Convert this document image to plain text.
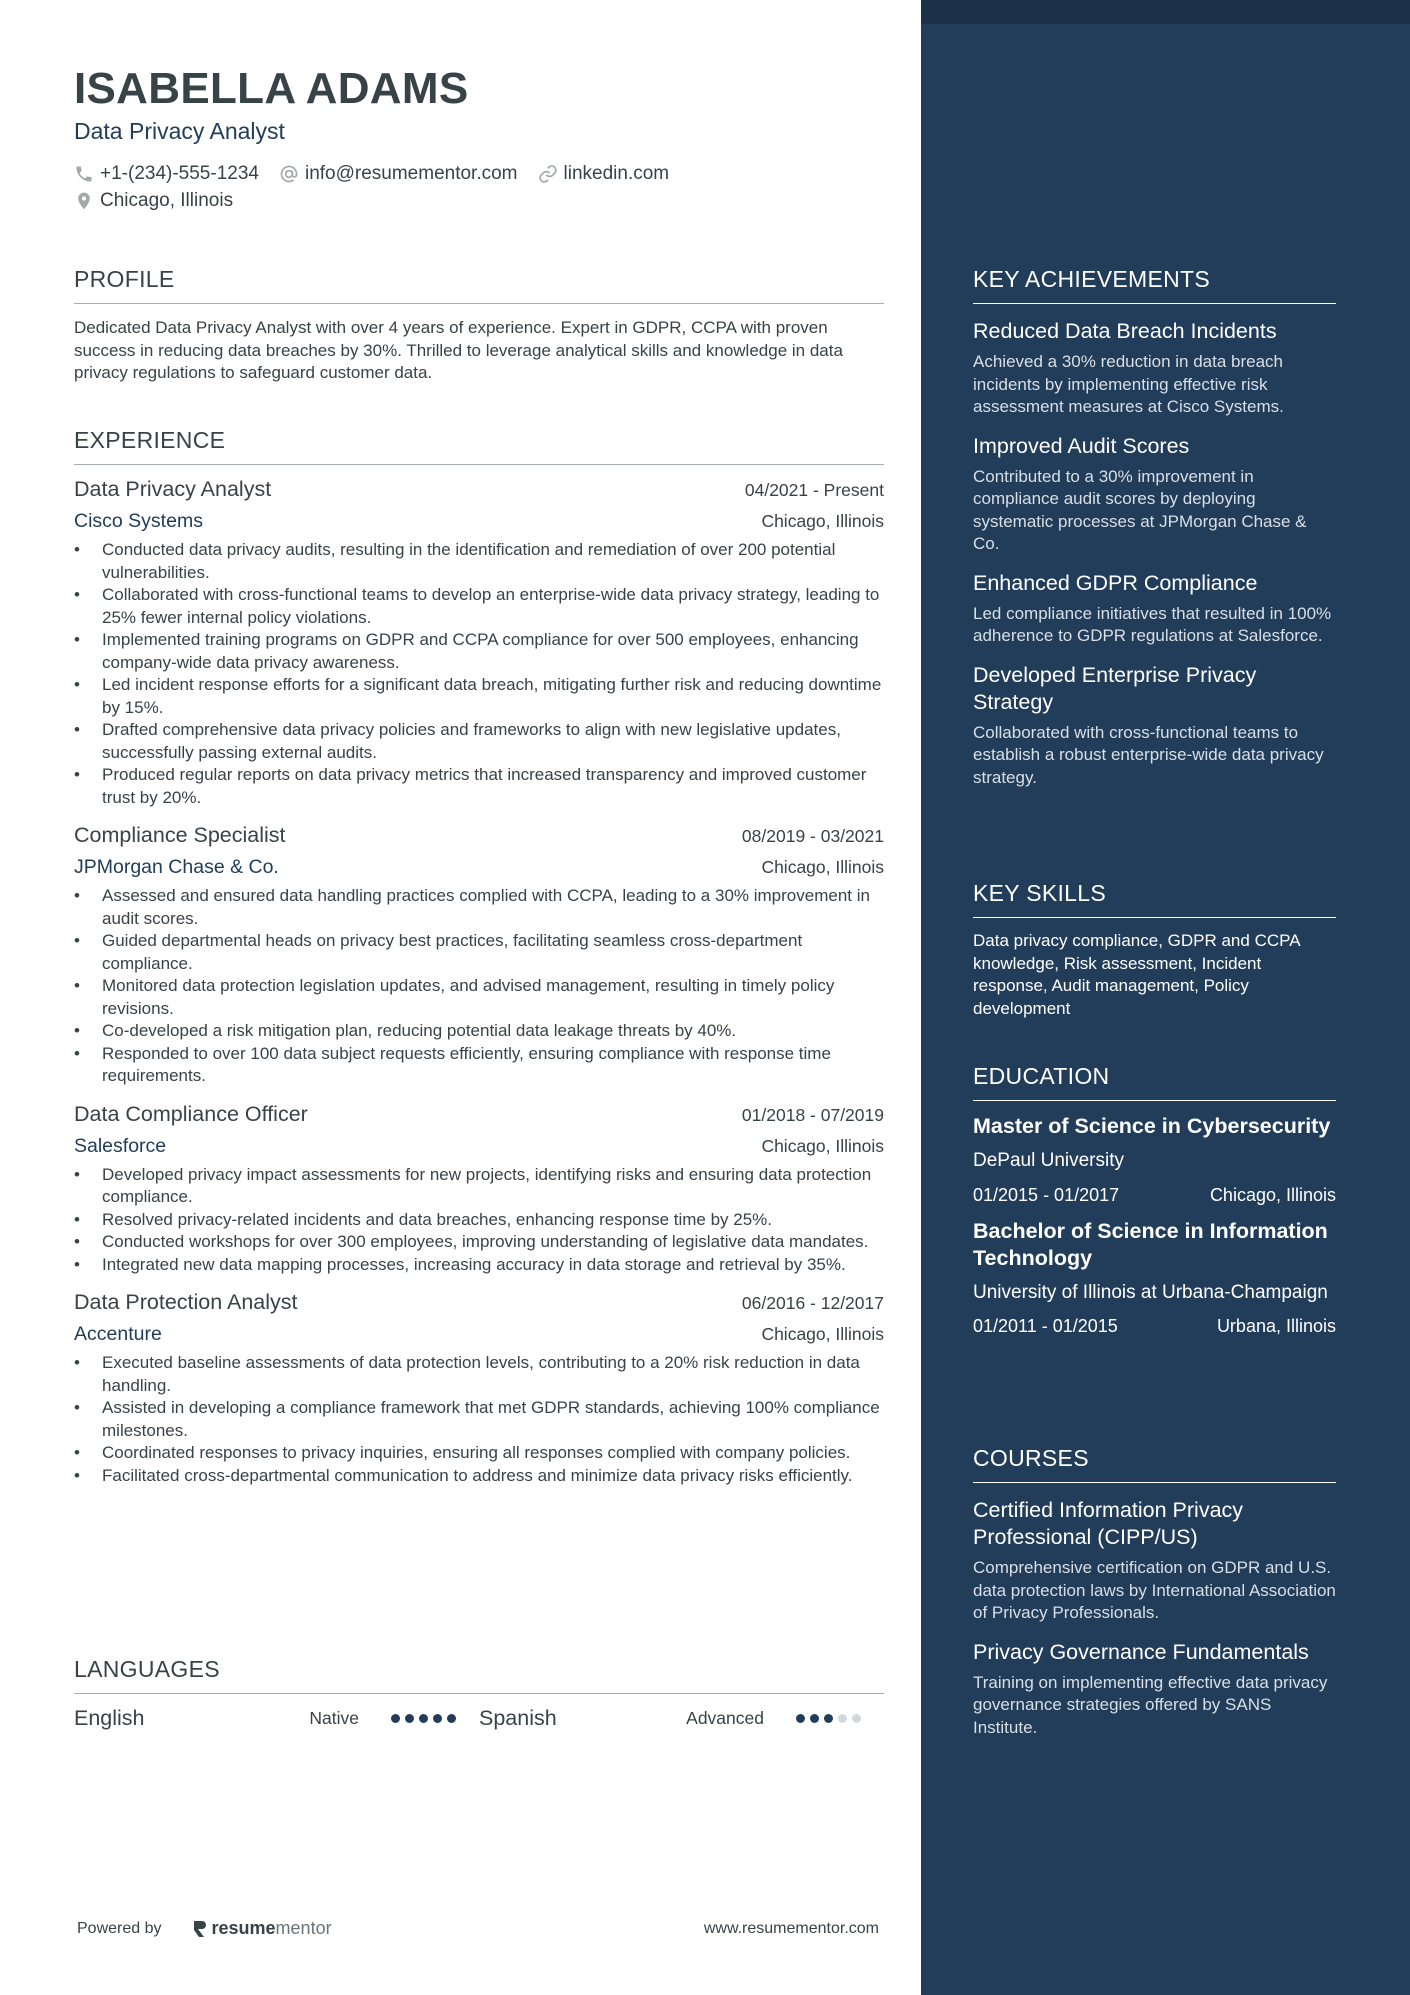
ISABELLA ADAMS
Data Privacy Analyst
+1-(234)-555-1234 info@resumementor.com linkedin.com
Chicago, Illinois
PROFILE

Dedicated Data Privacy Analyst with over 4 years of experience. Expert in GDPR, CCPA with proven success in reducing data breaches by 30%. Thrilled to leverage analytical skills and knowledge in data privacy regulations to safeguard customer data.

EXPERIENCE
Data Privacy Analyst	04/2021 - Present
Cisco Systems	Chicago, Illinois
• Conducted data privacy audits, resulting in the identification and remediation of over 200 potential vulnerabilities.
• Collaborated with cross-functional teams to develop an enterprise-wide data privacy strategy, leading to 25% fewer internal policy violations.
• Implemented training programs on GDPR and CCPA compliance for over 500 employees, enhancing company-wide data privacy awareness.
• Led incident response efforts for a significant data breach, mitigating further risk and reducing downtime by 15%.
• Drafted comprehensive data privacy policies and frameworks to align with new legislative updates, successfully passing external audits.
• Produced regular reports on data privacy metrics that increased transparency and improved customer trust by 20%.
Compliance Specialist	08/2019 - 03/2021
JPMorgan Chase & Co.	Chicago, Illinois
• Assessed and ensured data handling practices complied with CCPA, leading to a 30% improvement in audit scores.
• Guided departmental heads on privacy best practices, facilitating seamless cross-department compliance.
• Monitored data protection legislation updates, and advised management, resulting in timely policy revisions.
• Co-developed a risk mitigation plan, reducing potential data leakage threats by 40%.
• Responded to over 100 data subject requests efficiently, ensuring compliance with response time requirements.
Data Compliance Officer	01/2018 - 07/2019
Salesforce	Chicago, Illinois
• Developed privacy impact assessments for new projects, identifying risks and ensuring data protection compliance.
• Resolved privacy-related incidents and data breaches, enhancing response time by 25%.
• Conducted workshops for over 300 employees, improving understanding of legislative data mandates.
• Integrated new data mapping processes, increasing accuracy in data storage and retrieval by 35%.
Data Protection Analyst	06/2016 - 12/2017
Accenture	Chicago, Illinois
• Executed baseline assessments of data protection levels, contributing to a 20% risk reduction in data handling.
• Assisted in developing a compliance framework that met GDPR standards, achieving 100% compliance milestones.
• Coordinated responses to privacy inquiries, ensuring all responses complied with company policies.
• Facilitated cross-departmental communication to address and minimize data privacy risks efficiently.
LANGUAGES
English	Native	Spanish	Advanced
Powered by	resume mentor	www.resumementor.com
KEY ACHIEVEMENTS
Reduced Data Breach Incidents
Achieved a 30% reduction in data breach incidents by implementing effective risk assessment measures at Cisco Systems.
Improved Audit Scores
Contributed to a 30% improvement in compliance audit scores by deploying systematic processes at JPMorgan Chase & Co.
Enhanced GDPR Compliance
Led compliance initiatives that resulted in 100% adherence to GDPR regulations at Salesforce.
Developed Enterprise Privacy Strategy
Collaborated with cross-functional teams to establish a robust enterprise-wide data privacy strategy.
KEY SKILLS

Data privacy compliance, GDPR and CCPA knowledge, Risk assessment, Incident response, Audit management, Policy development

EDUCATION
Master of Science in Cybersecurity
DePaul University
01/2015 - 01/2017	Chicago, Illinois
Bachelor of Science in Information Technology
University of Illinois at Urbana-Champaign
01/2011 - 01/2015	Urbana, Illinois
COURSES
Certified Information Privacy Professional (CIPP/US)
Comprehensive certification on GDPR and U.S. data protection laws by International Association of Privacy Professionals.
Privacy Governance Fundamentals
Training on implementing effective data privacy governance strategies offered by SANS Institute.
